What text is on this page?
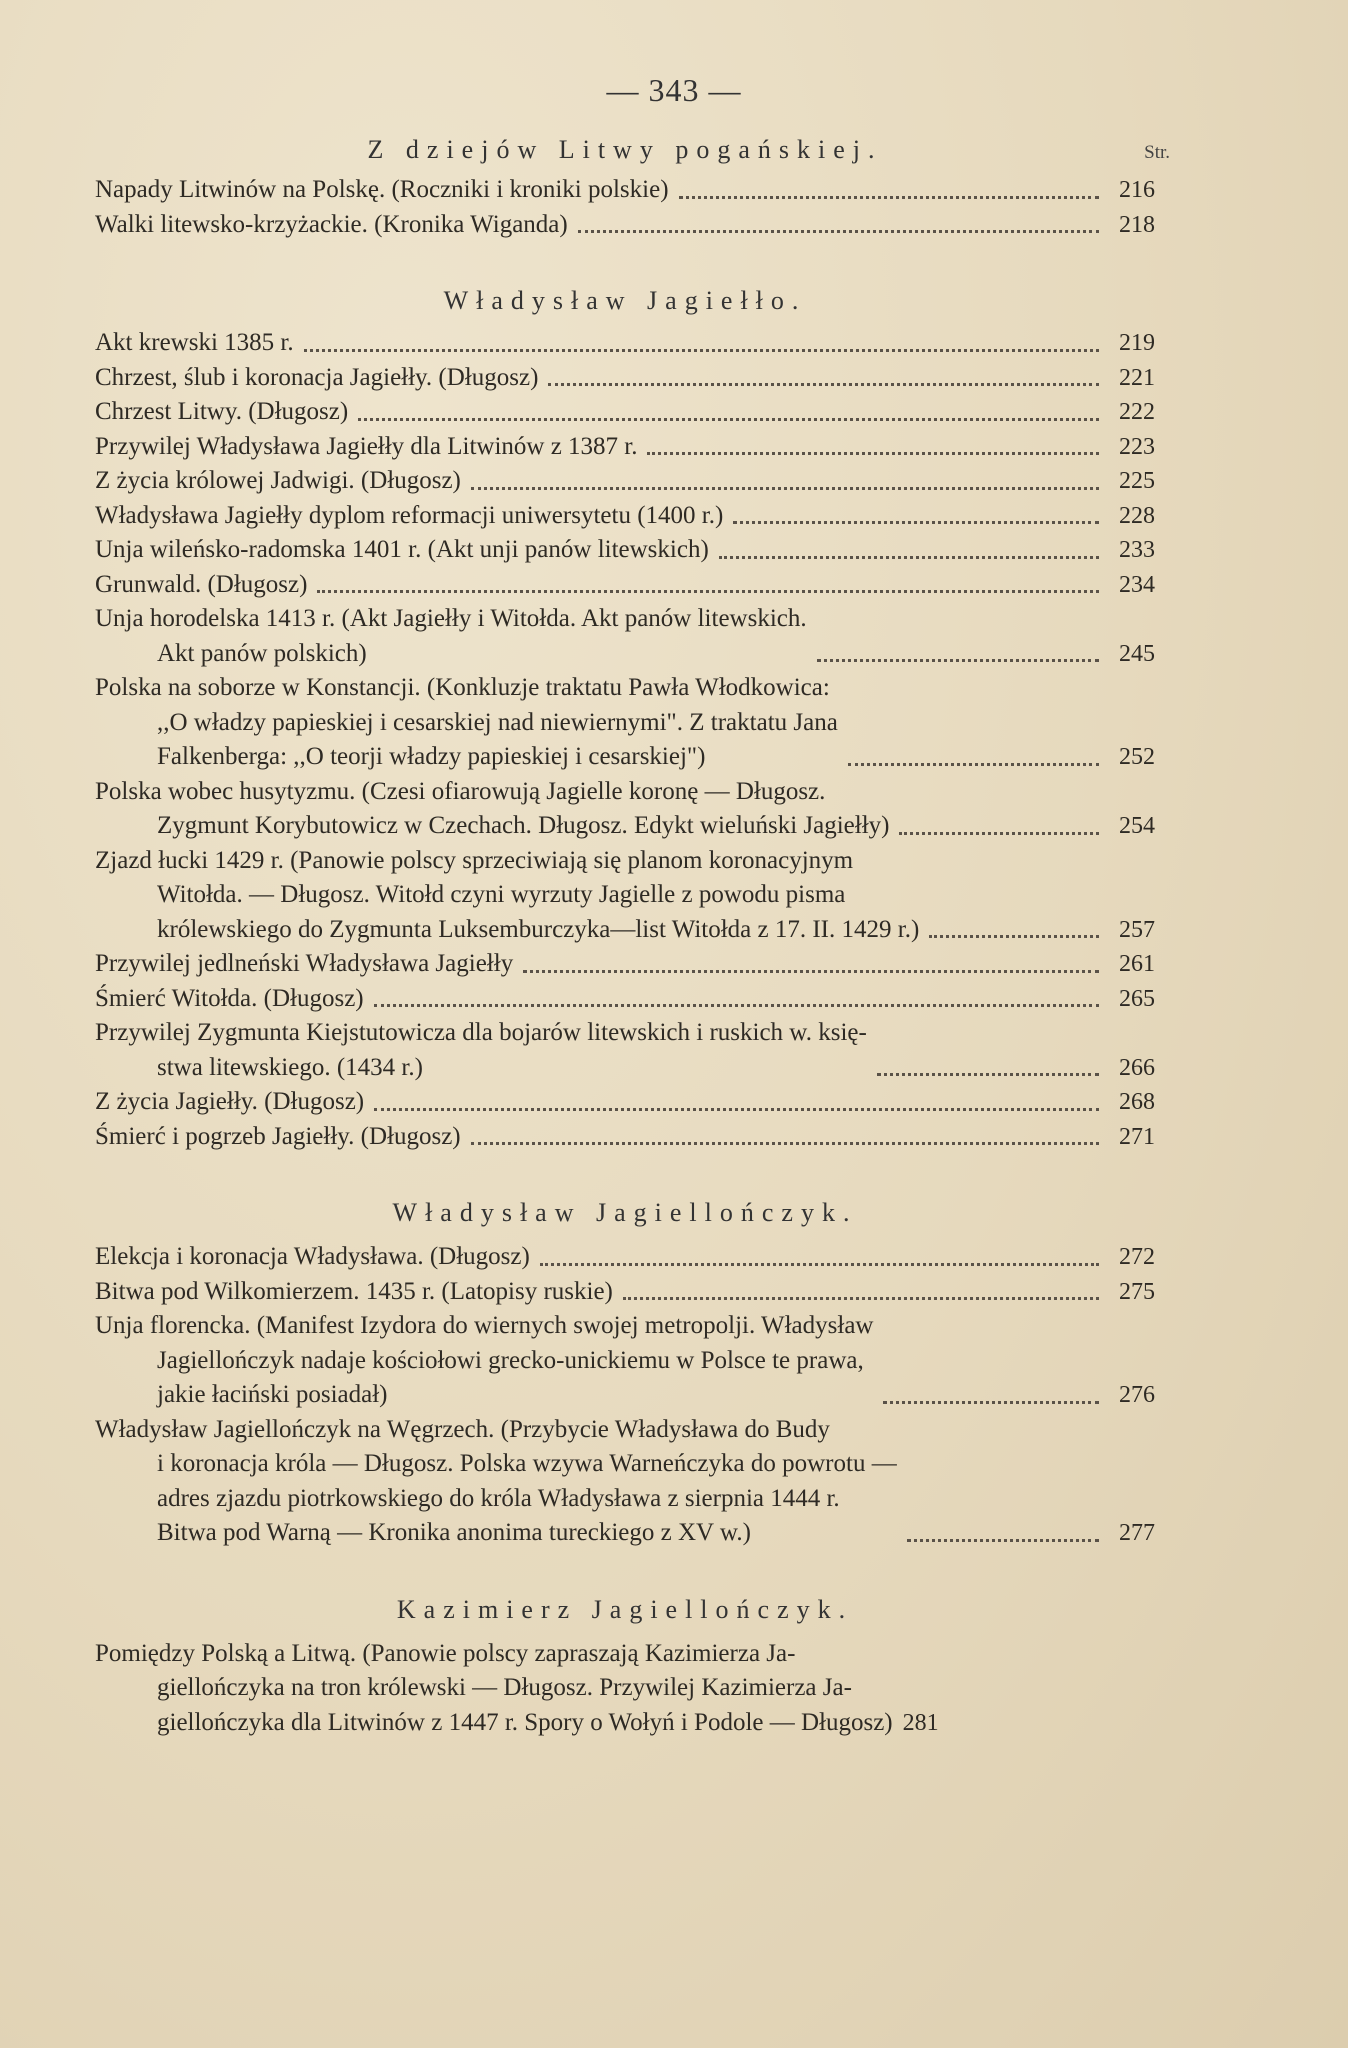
— 343 —
Str.
Z dziejów Litwy pogańskiej.
Napady Litwinów na Polskę. (Roczniki i kroniki polskie)	216
Walki litewsko-krzyżackie. (Kronika Wiganda)	218
Władysław Jagiełło.
Akt krewski 1385 r.	219
Chrzest, ślub i koronacja Jagiełły. (Długosz)	221
Chrzest Litwy. (Długosz)	222
Przywilej Władysława Jagiełły dla Litwinów z 1387 r.	223
Z życia królowej Jadwigi. (Długosz)	225
Władysława Jagiełły dyplom reformacji uniwersytetu (1400 r.)	228
Unja wileńsko-radomska 1401 r. (Akt unji panów litewskich)	233
Grunwald. (Długosz)	234
Unja horodelska 1413 r. (Akt Jagiełły i Witołda. Akt panów litewskich.
Akt panów polskich)	245
Polska na soborze w Konstancji. (Konkluzje traktatu Pawła Włodkowica:
,,O władzy papieskiej i cesarskiej nad niewiernymi". Z traktatu Jana
Falkenberga: ,,O teorji władzy papieskiej i cesarskiej")	252
Polska wobec husytyzmu. (Czesi ofiarowują Jagielle koronę — Długosz.
Zygmunt Korybutowicz w Czechach. Długosz. Edykt wieluński Jagiełły)	254
Zjazd łucki 1429 r. (Panowie polscy sprzeciwiają się planom koronacyjnym
Witołda. — Długosz. Witołd czyni wyrzuty Jagielle z powodu pisma
królewskiego do Zygmunta Luksemburczyka—list Witołda z 17. II. 1429 r.)	257
Przywilej jedlneński Władysława Jagiełły	261
Śmierć Witołda. (Długosz)	265
Przywilej Zygmunta Kiejstutowicza dla bojarów litewskich i ruskich w. księ-
stwa litewskiego. (1434 r.)	266
Z życia Jagiełły. (Długosz)	268
Śmierć i pogrzeb Jagiełły. (Długosz)	271
Władysław Jagiellończyk.
Elekcja i koronacja Władysława. (Długosz)	272
Bitwa pod Wilkomierzem. 1435 r. (Latopisy ruskie)	275
Unja florencka. (Manifest Izydora do wiernych swojej metropolji. Władysław
Jagiellończyk nadaje kościołowi grecko-unickiemu w Polsce te prawa,
jakie łaciński posiadał)	276
Władysław Jagiellończyk na Węgrzech. (Przybycie Władysława do Budy
i koronacja króla — Długosz. Polska wzywa Warneńczyka do powrotu —
adres zjazdu piotrkowskiego do króla Władysława z sierpnia 1444 r.
Bitwa pod Warną — Kronika anonima tureckiego z XV w.)	277
Kazimierz Jagiellończyk.
Pomiędzy Polską a Litwą. (Panowie polscy zapraszają Kazimierza Ja-
giellończyka na tron królewski — Długosz. Przywilej Kazimierza Ja-
giellończyka dla Litwinów z 1447 r. Spory o Wołyń i Podole — Długosz) 281
